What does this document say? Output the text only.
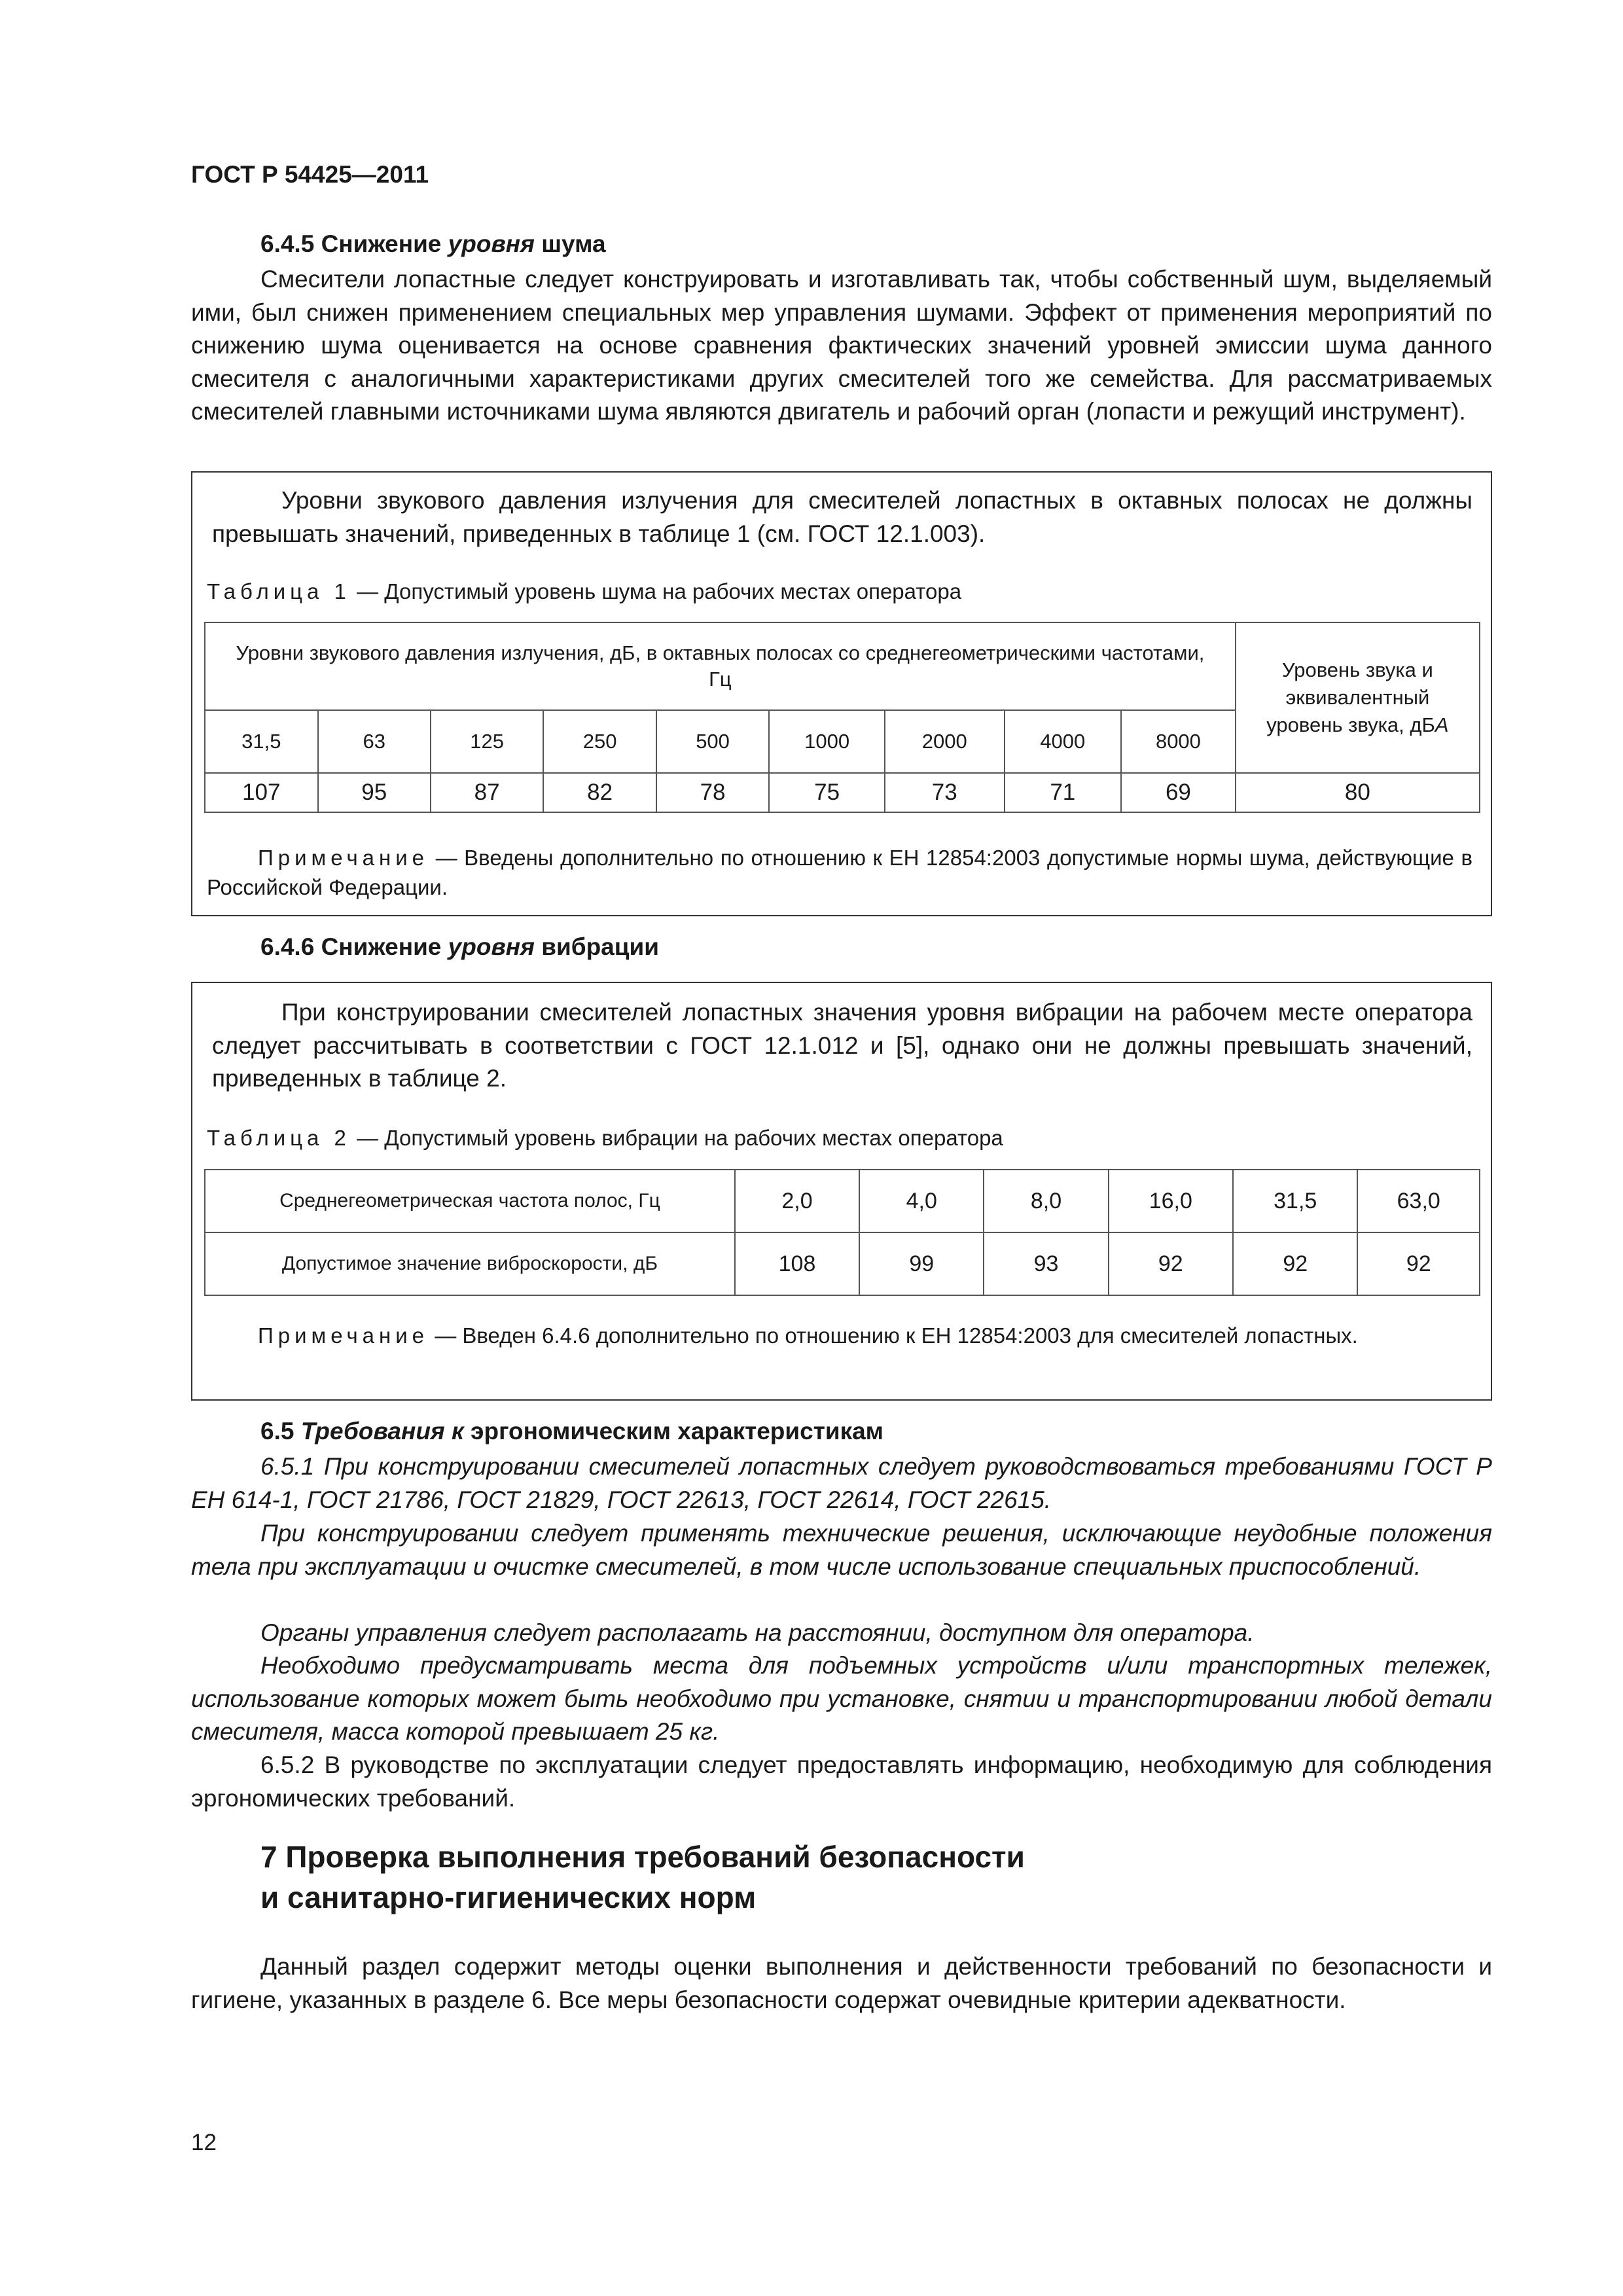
ГОСТ Р 54425—2011
6.4.5 Снижение уровня шума
Смесители лопастные следует конструировать и изготавливать так, чтобы собственный шум, выделяемый ими, был снижен применением специальных мер управления шумами. Эффект от применения мероприятий по снижению шума оценивается на основе сравнения фактических значений уровней эмиссии шума данного смесителя с аналогичными характеристиками других смесителей того же семейства. Для рассматриваемых смесителей главными источниками шума являются двигатель и рабочий орган (лопасти и режущий инструмент).
Уровни звукового давления излучения для смесителей лопастных в октавных полосах не должны превышать значений, приведенных в таблице 1 (см. ГОСТ 12.1.003).
Таблица 1 — Допустимый уровень шума на рабочих местах оператора
Уровни звукового давления излучения, дБ, в октавных полосах со среднегеометрическими частотами, Гц									Уровень звука и эквивалентный уровень звука, дБА

31,5	63	125	250	500	1000	2000	4000	8000	
107	95	87	82	78	75	73	71	69	80
Примечание — Введены дополнительно по отношению к ЕН 12854:2003 допустимые нормы шума, действующие в Российской Федерации.
6.4.6 Снижение уровня вибрации
При конструировании смесителей лопастных значения уровня вибрации на рабочем месте оператора следует рассчитывать в соответствии с ГОСТ 12.1.012 и [5], однако они не должны превышать значений, приведенных в таблице 2.
Таблица 2 — Допустимый уровень вибрации на рабочих местах оператора
Среднегеометрическая частота полос, Гц	2,0	4,0	8,0	16,0	31,5	63,0
Допустимое значение виброскорости, дБ	108	99	93	92	92	92
Примечание — Введен 6.4.6 дополнительно по отношению к ЕН 12854:2003 для смесителей лопастных.
6.5 Требования к эргономическим характеристикам
6.5.1 При конструировании смесителей лопастных следует руководствоваться требованиями ГОСТ Р ЕН 614-1, ГОСТ 21786, ГОСТ 21829, ГОСТ 22613, ГОСТ 22614, ГОСТ 22615.
При конструировании следует применять технические решения, исключающие неудобные положения тела при эксплуатации и очистке смесителей, в том числе использование специальных приспособлений.
Органы управления следует располагать на расстоянии, доступном для оператора.
Необходимо предусматривать места для подъемных устройств и/или транспортных тележек, использование которых может быть необходимо при установке, снятии и транспортировании любой детали смесителя, масса которой превышает 25 кг.
6.5.2 В руководстве по эксплуатации следует предоставлять информацию, необходимую для соблюдения эргономических требований.
7 Проверка выполнения требований безопасности
и санитарно-гигиенических норм
Данный раздел содержит методы оценки выполнения и действенности требований по безопасности и гигиене, указанных в разделе 6. Все меры безопасности содержат очевидные критерии адекватности.
12
